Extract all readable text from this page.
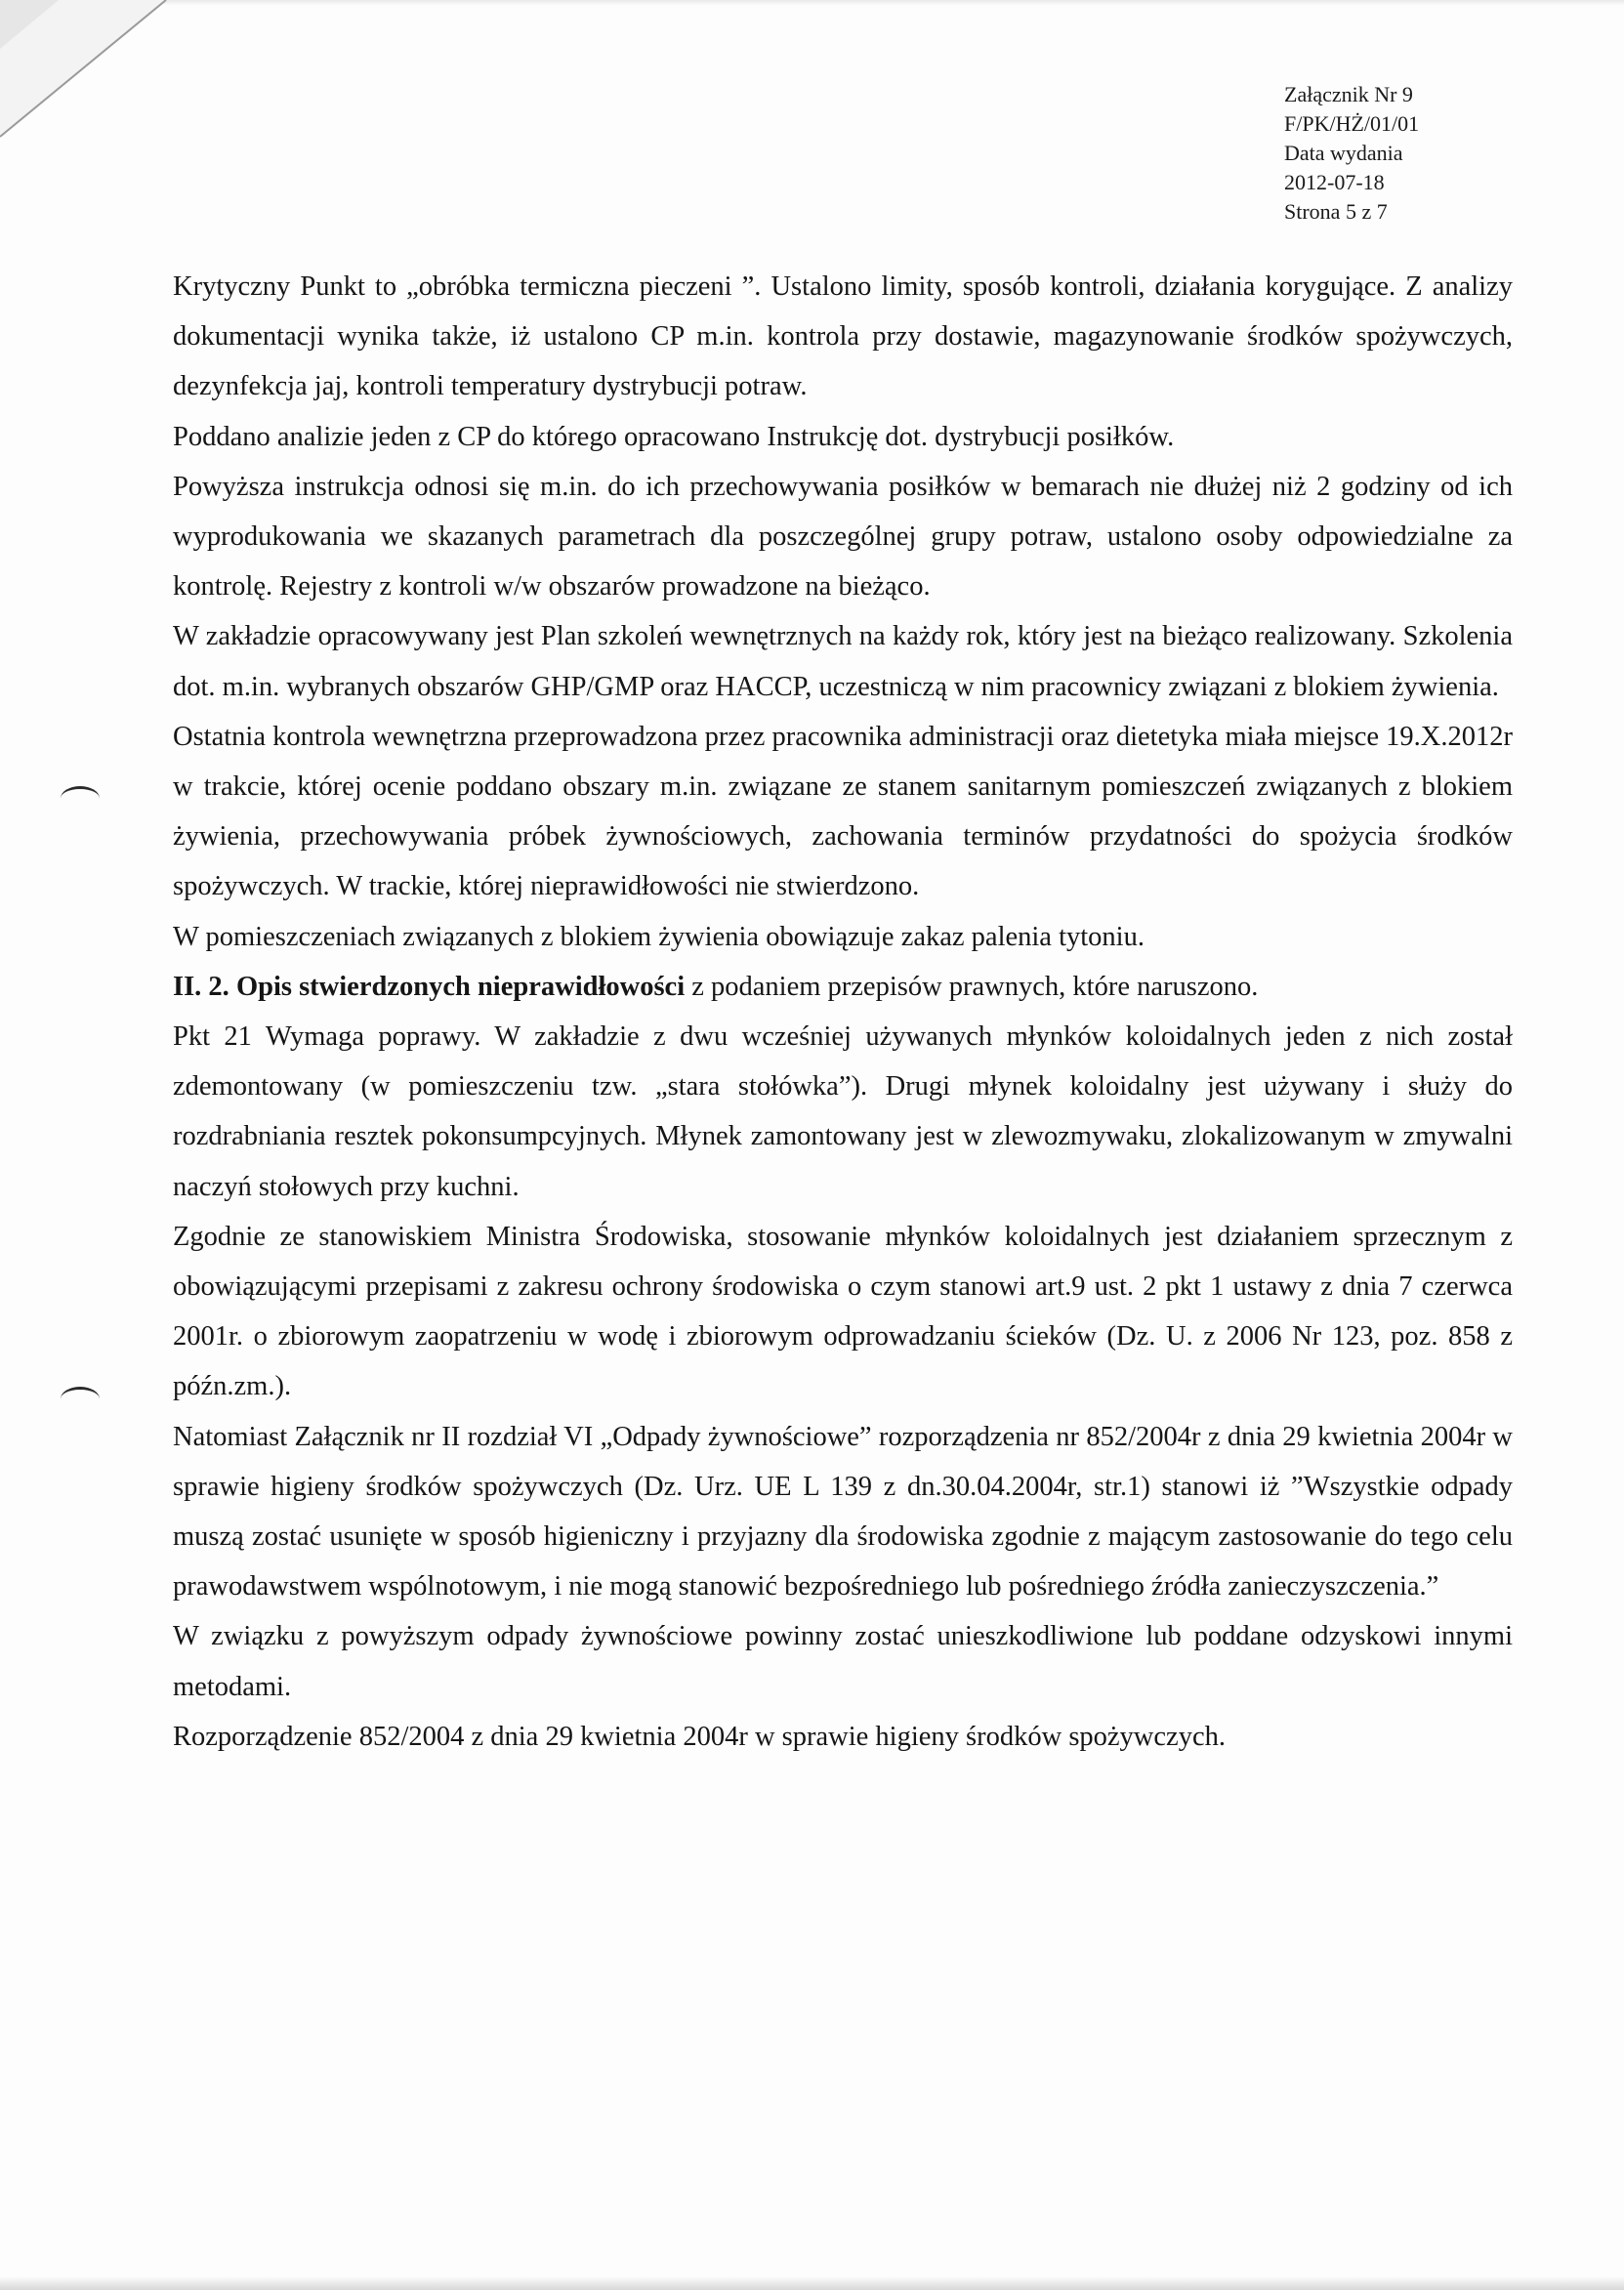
Załącznik Nr 9
F/PK/HŻ/01/01
Data wydania
2012-07-18
Strona 5 z 7

Krytyczny Punkt to „obróbka termiczna pieczeni ”. Ustalono limity, sposób kontroli, działania korygujące. Z analizy dokumentacji wynika także, iż ustalono CP m.in. kontrola przy dostawie, magazynowanie środków spożywczych, dezynfekcja jaj, kontroli temperatury dystrybucji potraw.

Poddano analizie jeden z CP do którego opracowano Instrukcję dot. dystrybucji posiłków.

Powyższa instrukcja odnosi się m.in. do ich przechowywania posiłków w bemarach nie dłużej niż 2 godziny od ich wyprodukowania we skazanych parametrach dla poszczególnej grupy potraw, ustalono osoby odpowiedzialne za kontrolę. Rejestry z kontroli w/w obszarów prowadzone na bieżąco.

W zakładzie opracowywany jest Plan szkoleń wewnętrznych na każdy rok, który jest na bieżąco realizowany. Szkolenia dot. m.in. wybranych obszarów GHP/GMP oraz HACCP, uczestniczą w nim pracownicy związani z blokiem żywienia.

Ostatnia kontrola wewnętrzna przeprowadzona przez pracownika administracji oraz dietetyka miała miejsce 19.X.2012r w trakcie, której ocenie poddano obszary m.in. związane ze stanem sanitarnym pomieszczeń związanych z blokiem żywienia, przechowywania próbek żywnościowych, zachowania terminów przydatności do spożycia środków spożywczych. W trackie, której nieprawidłowości nie stwierdzono.

W pomieszczeniach związanych z blokiem żywienia obowiązuje zakaz palenia tytoniu.

II. 2. Opis stwierdzonych nieprawidłowości z podaniem przepisów prawnych, które naruszono.

Pkt 21 Wymaga poprawy. W zakładzie z dwu wcześniej używanych młynków koloidalnych jeden z nich został zdemontowany (w pomieszczeniu tzw. „stara stołówka”). Drugi młynek koloidalny jest używany i służy do rozdrabniania resztek pokonsumpcyjnych. Młynek zamontowany jest w zlewozmywaku, zlokalizowanym w zmywalni naczyń stołowych przy kuchni.

Zgodnie ze stanowiskiem Ministra Środowiska, stosowanie młynków koloidalnych jest działaniem sprzecznym z obowiązującymi przepisami z zakresu ochrony środowiska o czym stanowi art.9 ust. 2 pkt 1 ustawy z dnia 7 czerwca 2001r. o zbiorowym zaopatrzeniu w wodę i zbiorowym odprowadzaniu ścieków (Dz. U. z 2006 Nr 123, poz. 858 z późn.zm.).

Natomiast Załącznik nr II rozdział VI „Odpady żywnościowe” rozporządzenia nr 852/2004r z dnia 29 kwietnia 2004r w sprawie higieny środków spożywczych (Dz. Urz. UE L 139 z dn.30.04.2004r, str.1) stanowi iż ”Wszystkie odpady muszą zostać usunięte w sposób higieniczny i przyjazny dla środowiska zgodnie z mającym zastosowanie do tego celu prawodawstwem wspólnotowym, i nie mogą stanowić bezpośredniego lub pośredniego źródła zanieczyszczenia.”

W związku z powyższym odpady żywnościowe powinny zostać unieszkodliwione lub poddane odzyskowi innymi metodami.

Rozporządzenie 852/2004 z dnia 29 kwietnia 2004r w sprawie higieny środków spożywczych.
